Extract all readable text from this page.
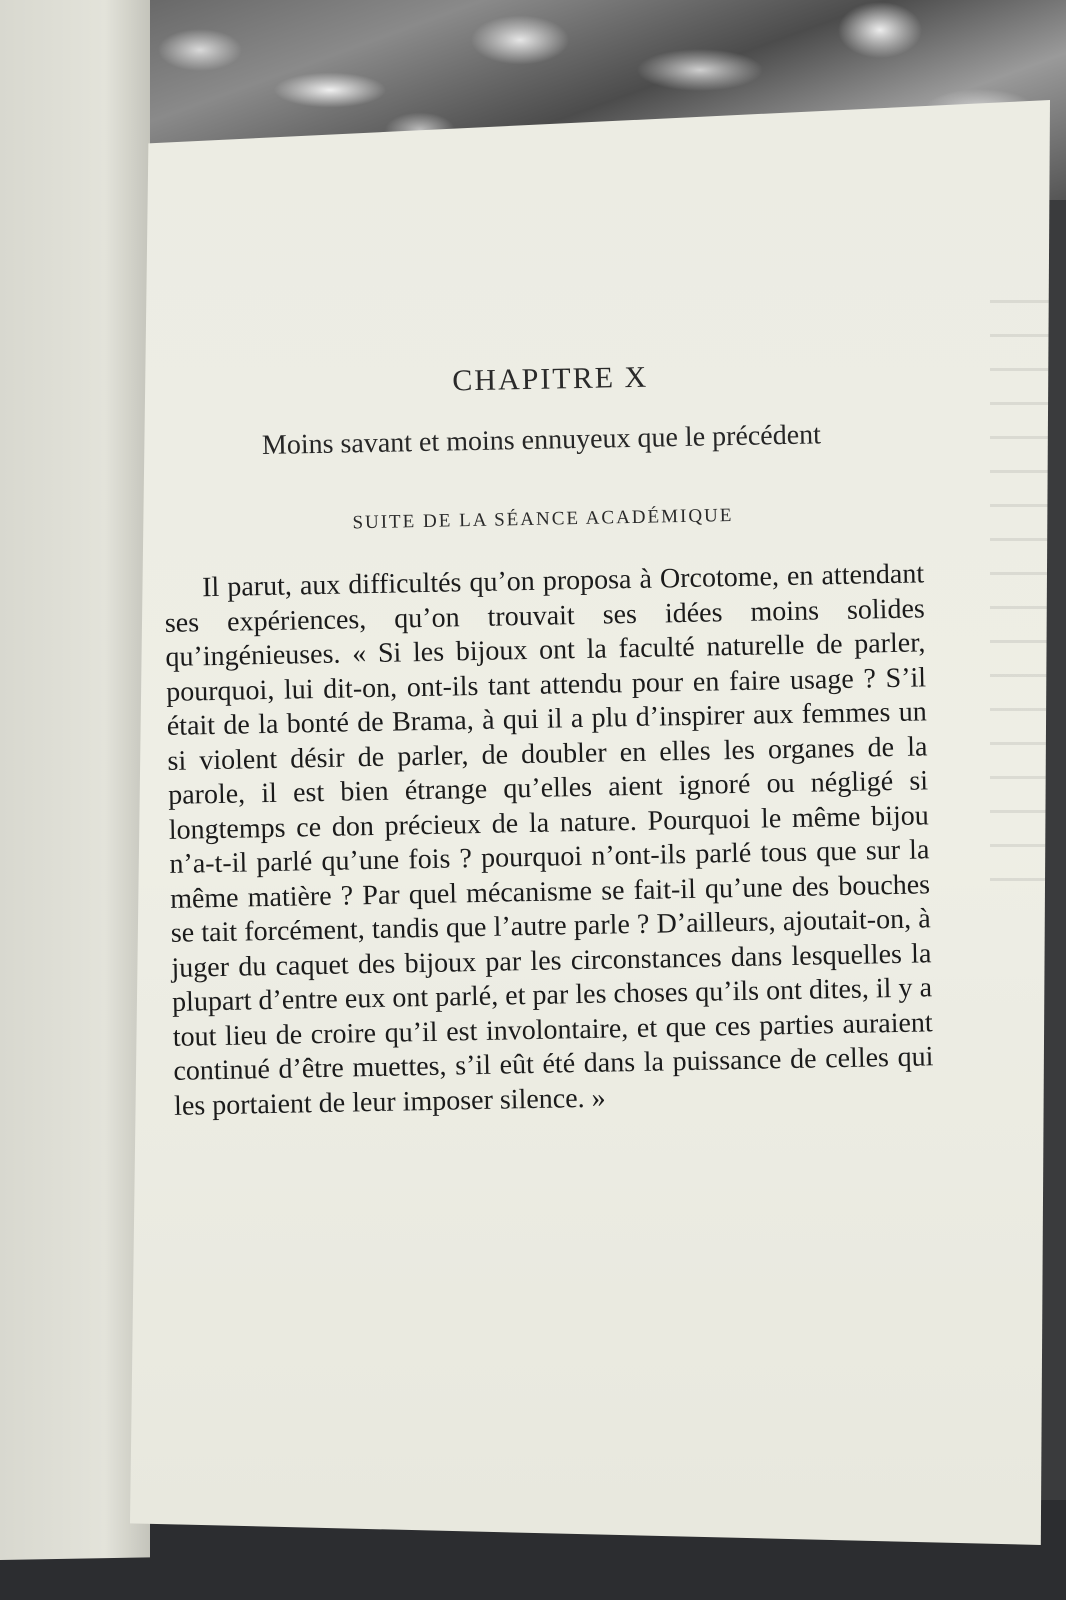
CHAPITRE X
Moins savant et moins ennuyeux que le précédent
SUITE DE LA SÉANCE ACADÉMIQUE

Il parut, aux difficultés qu’on proposa à Orcotome, en attendant ses expériences, qu’on trouvait ses idées moins solides qu’ingénieuses. « Si les bijoux ont la faculté naturelle de parler, pourquoi, lui dit-on, ont-ils tant attendu pour en faire usage ? S’il était de la bonté de Brama, à qui il a plu d’inspirer aux femmes un si violent désir de parler, de doubler en elles les organes de la parole, il est bien étrange qu’elles aient ignoré ou négligé si longtemps ce don précieux de la nature. Pourquoi le même bijou n’a-t-il parlé qu’une fois ? pourquoi n’ont-ils parlé tous que sur la même matière ? Par quel mécanisme se fait-il qu’une des bouches se tait forcément, tandis que l’autre parle ? D’ailleurs, ajoutait-on, à juger du caquet des bijoux par les circonstances dans lesquelles la plupart d’entre eux ont parlé, et par les choses qu’ils ont dites, il y a tout lieu de croire qu’il est involontaire, et que ces parties auraient continué d’être muettes, s’il eût été dans la puissance de celles qui les portaient de leur imposer silence. »
